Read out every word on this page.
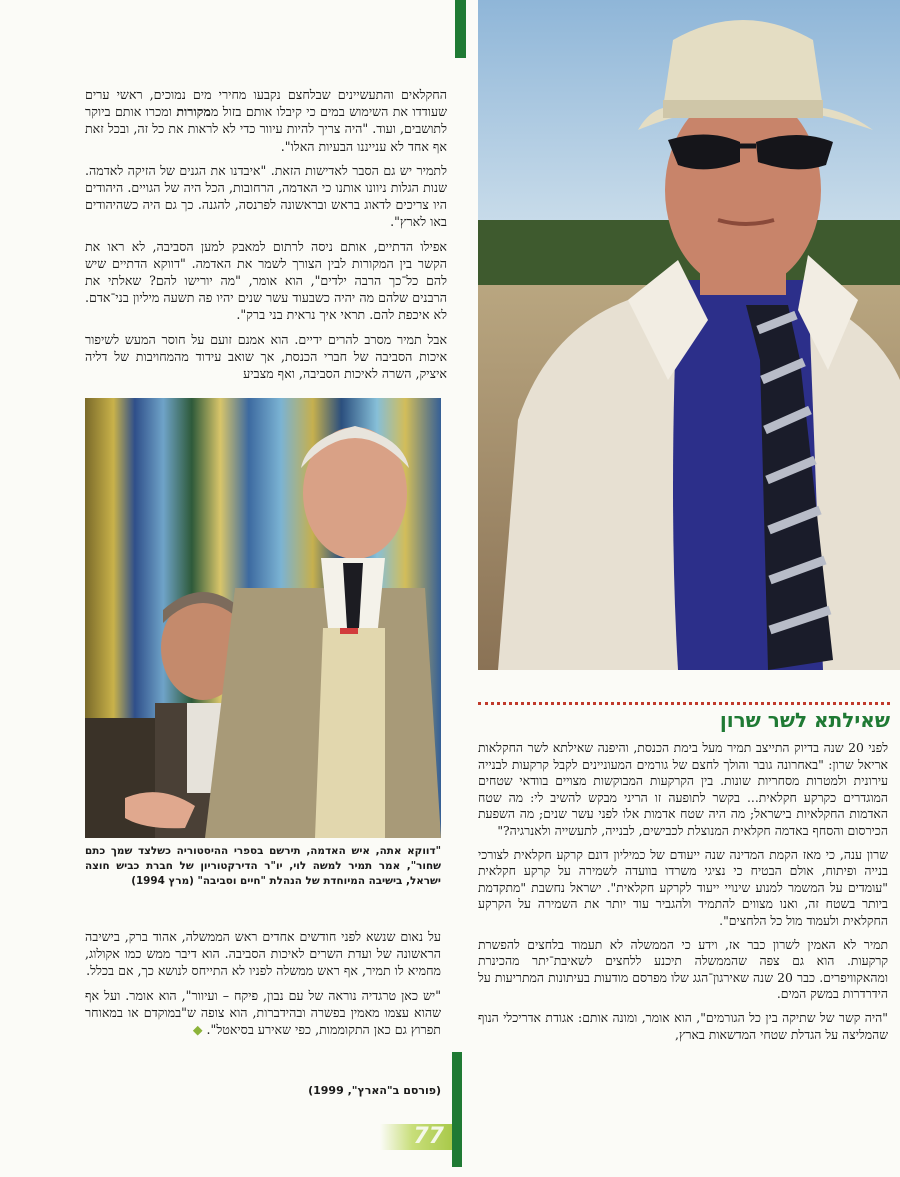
החקלאים והתעשיינים שבלחצם נקבעו מחירי מים נמוכים, ראשי ערים שעודדו את השימוש במים כי קיבלו אותם בזול ממקורות ומכרו אותם ביוקר לתושבים, ועוד. "היה צריך להיות עיוור כדי לא לראות את כל זה, ובכל זאת אף אחד לא ענייננו הבעיות האלו".

לתמיר יש גם הסבר לאדישות הזאת. "איבדנו את הגנים של הזיקה לאדמה. שנות הגלות ניוונו אותנו כי האדמה, הרחובות, הכל היה של הגויים. היהודים היו צריכים לדאוג בראש ובראשונה לפרנסה, להגנה. כך גם היה כשהיהודים באו לארץ".

אפילו הדתיים, אותם ניסה לרתום למאבק למען הסביבה, לא ראו את הקשר בין המקורות לבין הצורך לשמר את האדמה. "דווקא הדתיים שיש להם כל־כך הרבה ילדים", הוא אומר, "מה יורישו להם? שאלתי את הרבנים שלהם מה יהיה כשבעוד עשר שנים יהיו פה תשעה מיליון בני־אדם. לא איכפת להם. תראי איך נראית בני ברק".

אבל תמיר מסרב להרים ידיים. הוא אמנם זועם על חוסר המעש לשיפור איכות הסביבה של חברי הכנסת, אך שואב עידוד מהמחויבות של דליה איציק, השרה לאיכות הסביבה, ואף מצביע

"דווקא אתה, איש האדמה, תירשם בספרי ההיסטוריה כשלצד שמך כתם שחור", אמר תמיר למשה לוי, יו"ר הדירקטוריון של חברת כביש חוצה ישראל, בישיבה המיוחדת של הנהלת "חיים וסביבה" (מרץ 1994)

על נאום שנשא לפני חודשים אחדים ראש הממשלה, אהוד ברק, בישיבה הראשונה של ועדת השרים לאיכות הסביבה. הוא דיבר ממש כמו אקולוג, מחמיא לו תמיר, אף ראש ממשלה לפניו לא התייחס לנושא כך, אם בכלל.

"יש כאן טרגדיה נוראה של עם נבון, פיקח – ועיוור", הוא אומר. ועל אף שהוא עצמו מאמין בפשרה ובהידברות, הוא צופה ש"במוקדם או במאוחר תפרוץ גם כאן התקוממות, כפי שאירע בסיאטל". ◆

(פורסם ב"הארץ", 1999)
77
שאילתא לשר שרון

לפני 20 שנה בדיוק התייצב תמיר מעל בימת הכנסת, והיפנה שאילתא לשר החקלאות אריאל שרון: "באחרונה גובר והולך לחצם של גורמים המעוניינים לקבל קרקעות לבנייה עירונית ולמטרות מסחריות שונות. בין הקרקעות המבוקשות מצויים בוודאי שטחים המוגדרים כקרקע חקלאית... בקשר לתופעה זו הריני מבקש להשיב לי: מה שטח האדמות החקלאיות בישראל; מה היה שטח אדמות אלו לפני עשר שנים; מה השפעת הכירסום והסחף באדמה חקלאית המנוצלת לכבישים, לבנייה, לתעשייה ולאנרגיה?"

שרון ענה, כי מאז הקמת המדינה שנה ייעודם של כמיליון דונם קרקע חקלאית לצורכי בנייה ופיתוח, אולם הבטיח כי נציגי משרדו בוועדה לשמירה על קרקע חקלאית "עומדים על המשמר למנוע שינויי ייעוד לקרקע חקלאית". ישראל נחשבת "מתקדמת ביותר בשטח זה, ואנו מצווים להתמיד ולהגביר עוד יותר את השמירה על הקרקע החקלאית ולעמוד מול כל הלחצים".

תמיר לא האמין לשרון כבר אז, וידע כי הממשלה לא תעמוד בלחצים להפשרת קרקעות. הוא גם צפה שהממשלה תיכנע ללחצים לשאיבת־יתר מהכינרת ומהאקוויפרים. כבר 20 שנה שאירגון־הגג שלו מפרסם מודעות בעיתונות המתריעות על הידרדרות במשק המים.

"היה קשר של שתיקה בין כל הגורמים", הוא אומר, ומונה אותם: אגודת אדריכלי הנוף שהמליצה על הגדלת שטחי המדשאות בארץ,
